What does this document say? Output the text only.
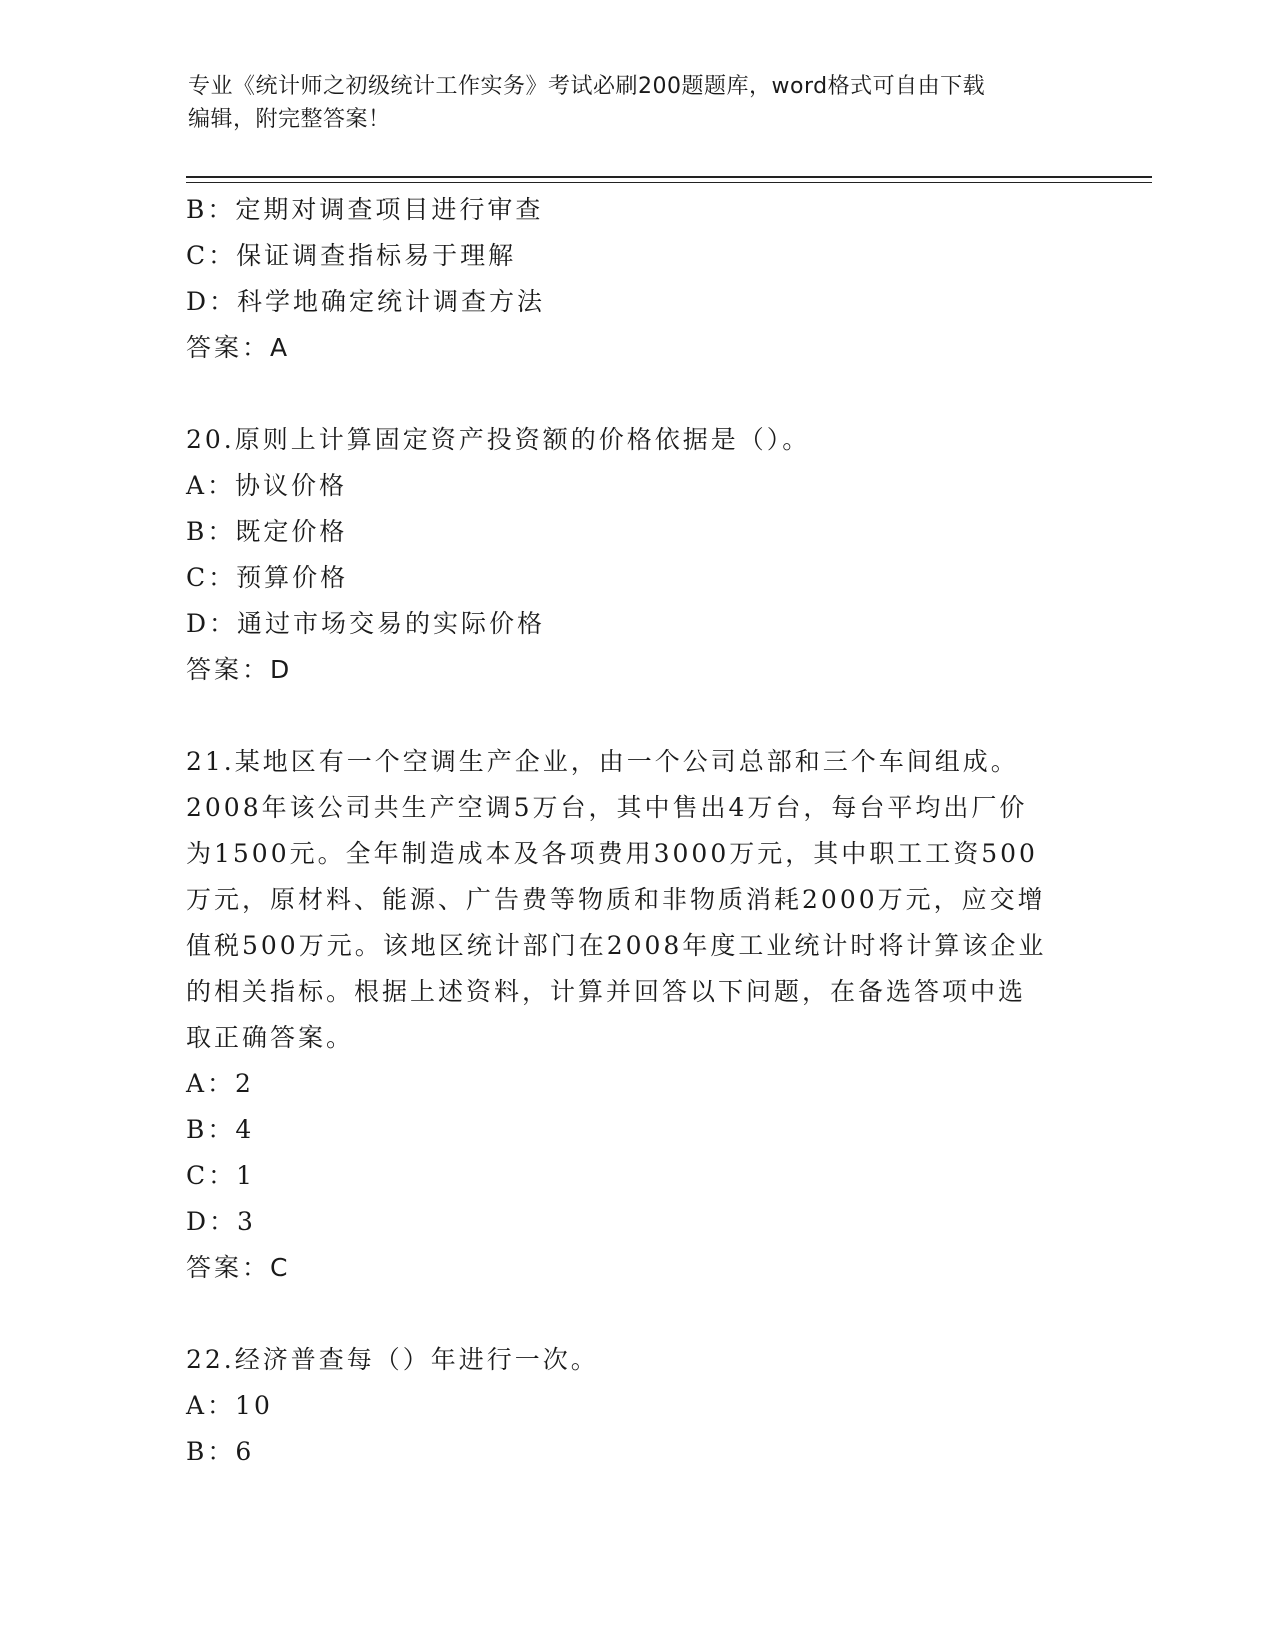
专业《统计师之初级统计工作实务》考试必刷200题题库，word格式可自由下载
编辑，附完整答案！
B：定期对调查项目进行审查
C：保证调查指标易于理解
D：科学地确定统计调查方法
答案：A
20.原则上计算固定资产投资额的价格依据是（）。
A：协议价格
B：既定价格
C：预算价格
D：通过市场交易的实际价格
答案：D
21.某地区有一个空调生产企业，由一个公司总部和三个车间组成。
2008年该公司共生产空调5万台，其中售出4万台，每台平均出厂价
为1500元。全年制造成本及各项费用3000万元，其中职工工资500
万元，原材料、能源、广告费等物质和非物质消耗2000万元，应交增
值税500万元。该地区统计部门在2008年度工业统计时将计算该企业
的相关指标。根据上述资料，计算并回答以下问题，在备选答项中选
取正确答案。
A：2
B：4
C：1
D：3
答案：C
22.经济普查每（）年进行一次。
A：10
B：6
